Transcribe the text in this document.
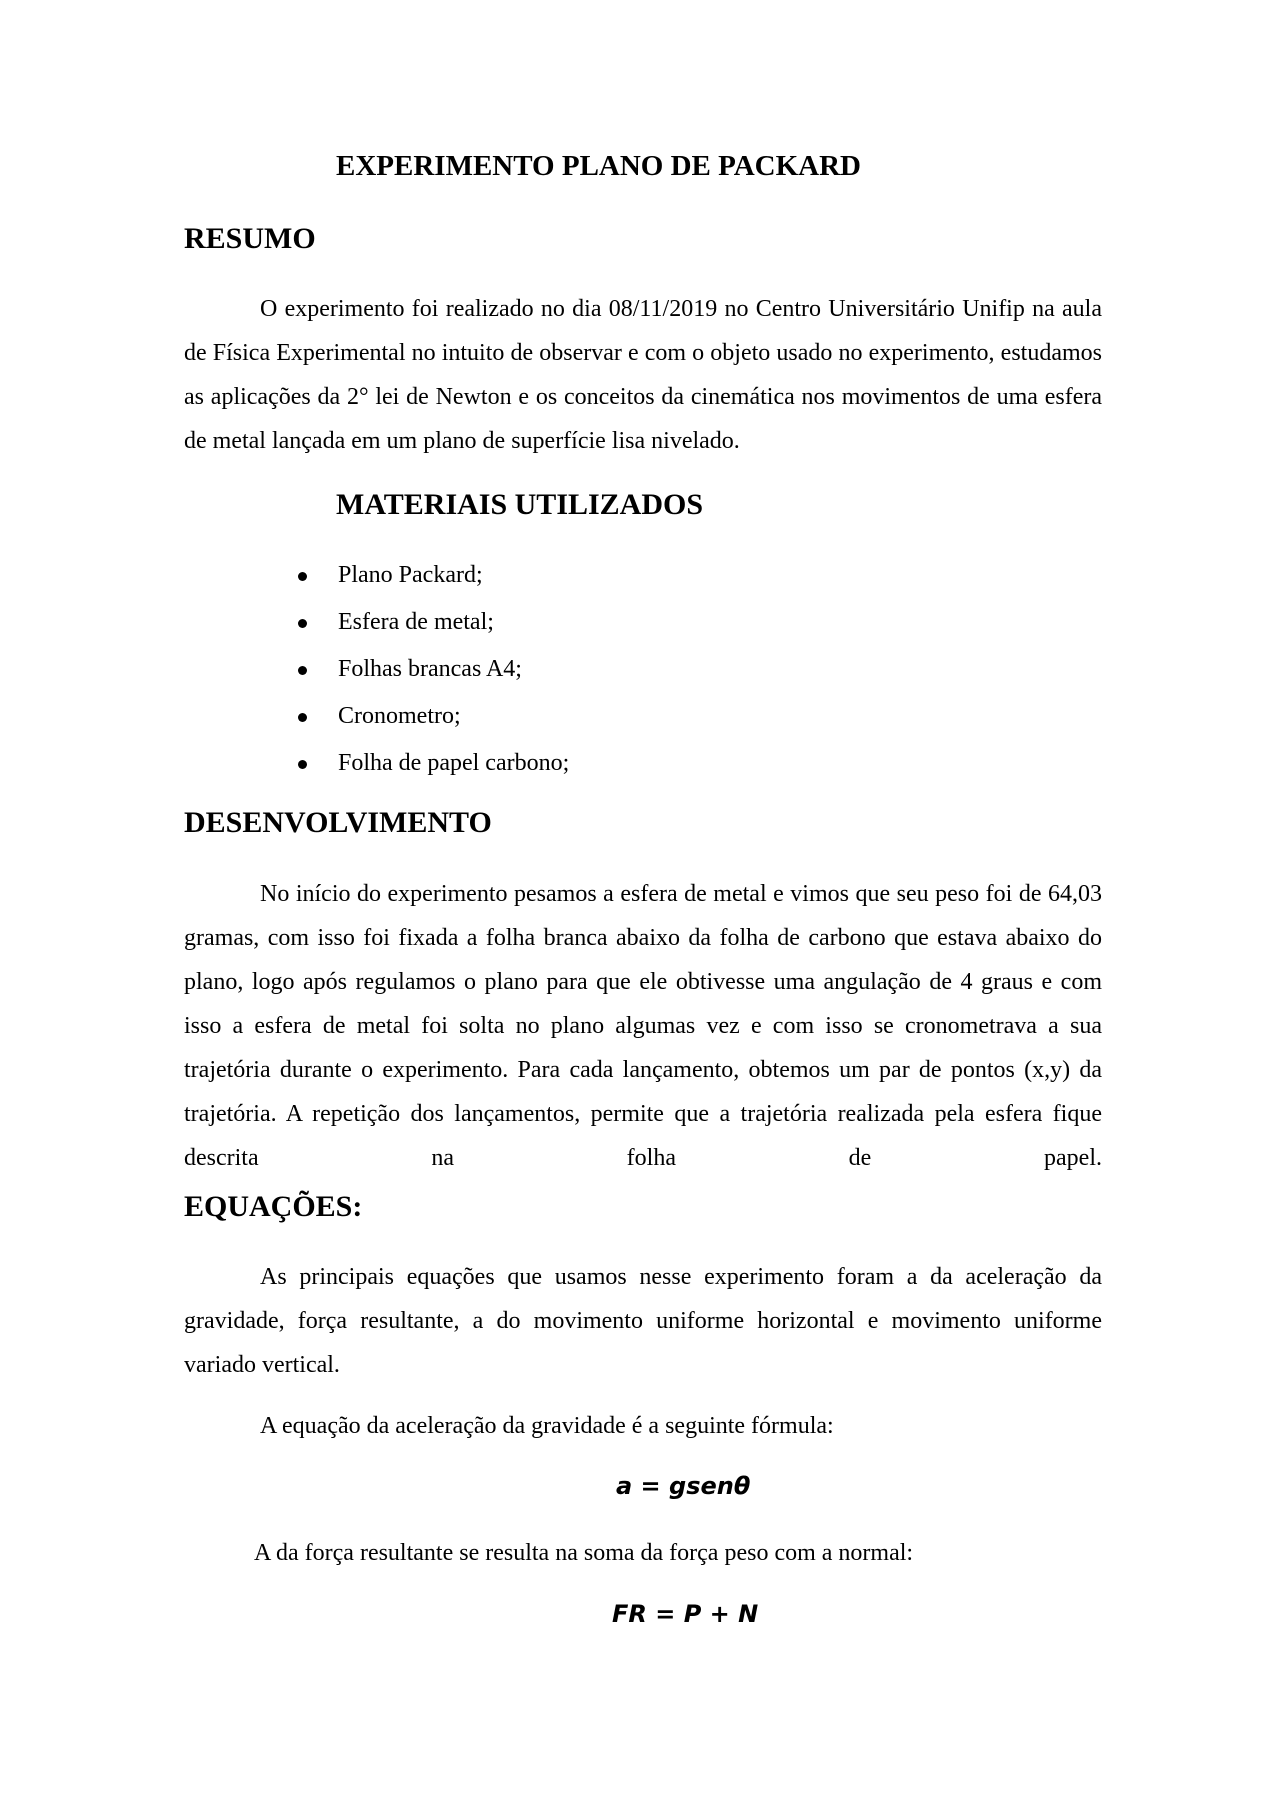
EXPERIMENTO PLANO DE PACKARD
RESUMO

O experimento foi realizado no dia 08/11/2019 no Centro Universitário Unifip na aula de Física Experimental no intuito de observar e com o objeto usado no experimento, estudamos as aplicações da 2° lei de Newton e os conceitos da cinemática nos movimentos de uma esfera de metal lançada em um plano de superfície lisa nivelado.

MATERIAIS UTILIZADOS
Plano Packard;
Esfera de metal;
Folhas brancas A4;
Cronometro;
Folha de papel carbono;
DESENVOLVIMENTO

No início do experimento pesamos a esfera de metal e vimos que seu peso foi de 64,03 gramas, com isso foi fixada a folha branca abaixo da folha de carbono que estava abaixo do plano, logo após regulamos o plano para que ele obtivesse uma angulação de 4 graus e com isso a esfera de metal foi solta no plano algumas vez e com isso se cronometrava a sua trajetória durante o experimento. Para cada lançamento, obtemos um par de pontos (x,y) da trajetória. A repetição dos lançamentos, permite que a trajetória realizada pela esfera fique descrita na folha de papel.

EQUAÇÕES:

As principais equações que usamos nesse experimento foram a da aceleração da gravidade, força resultante, a do movimento uniforme horizontal e movimento uniforme variado vertical.

A equação da aceleração da gravidade é a seguinte fórmula:

a = gsenθ

A da força resultante se resulta na soma da força peso com a normal:

FR = P + N
